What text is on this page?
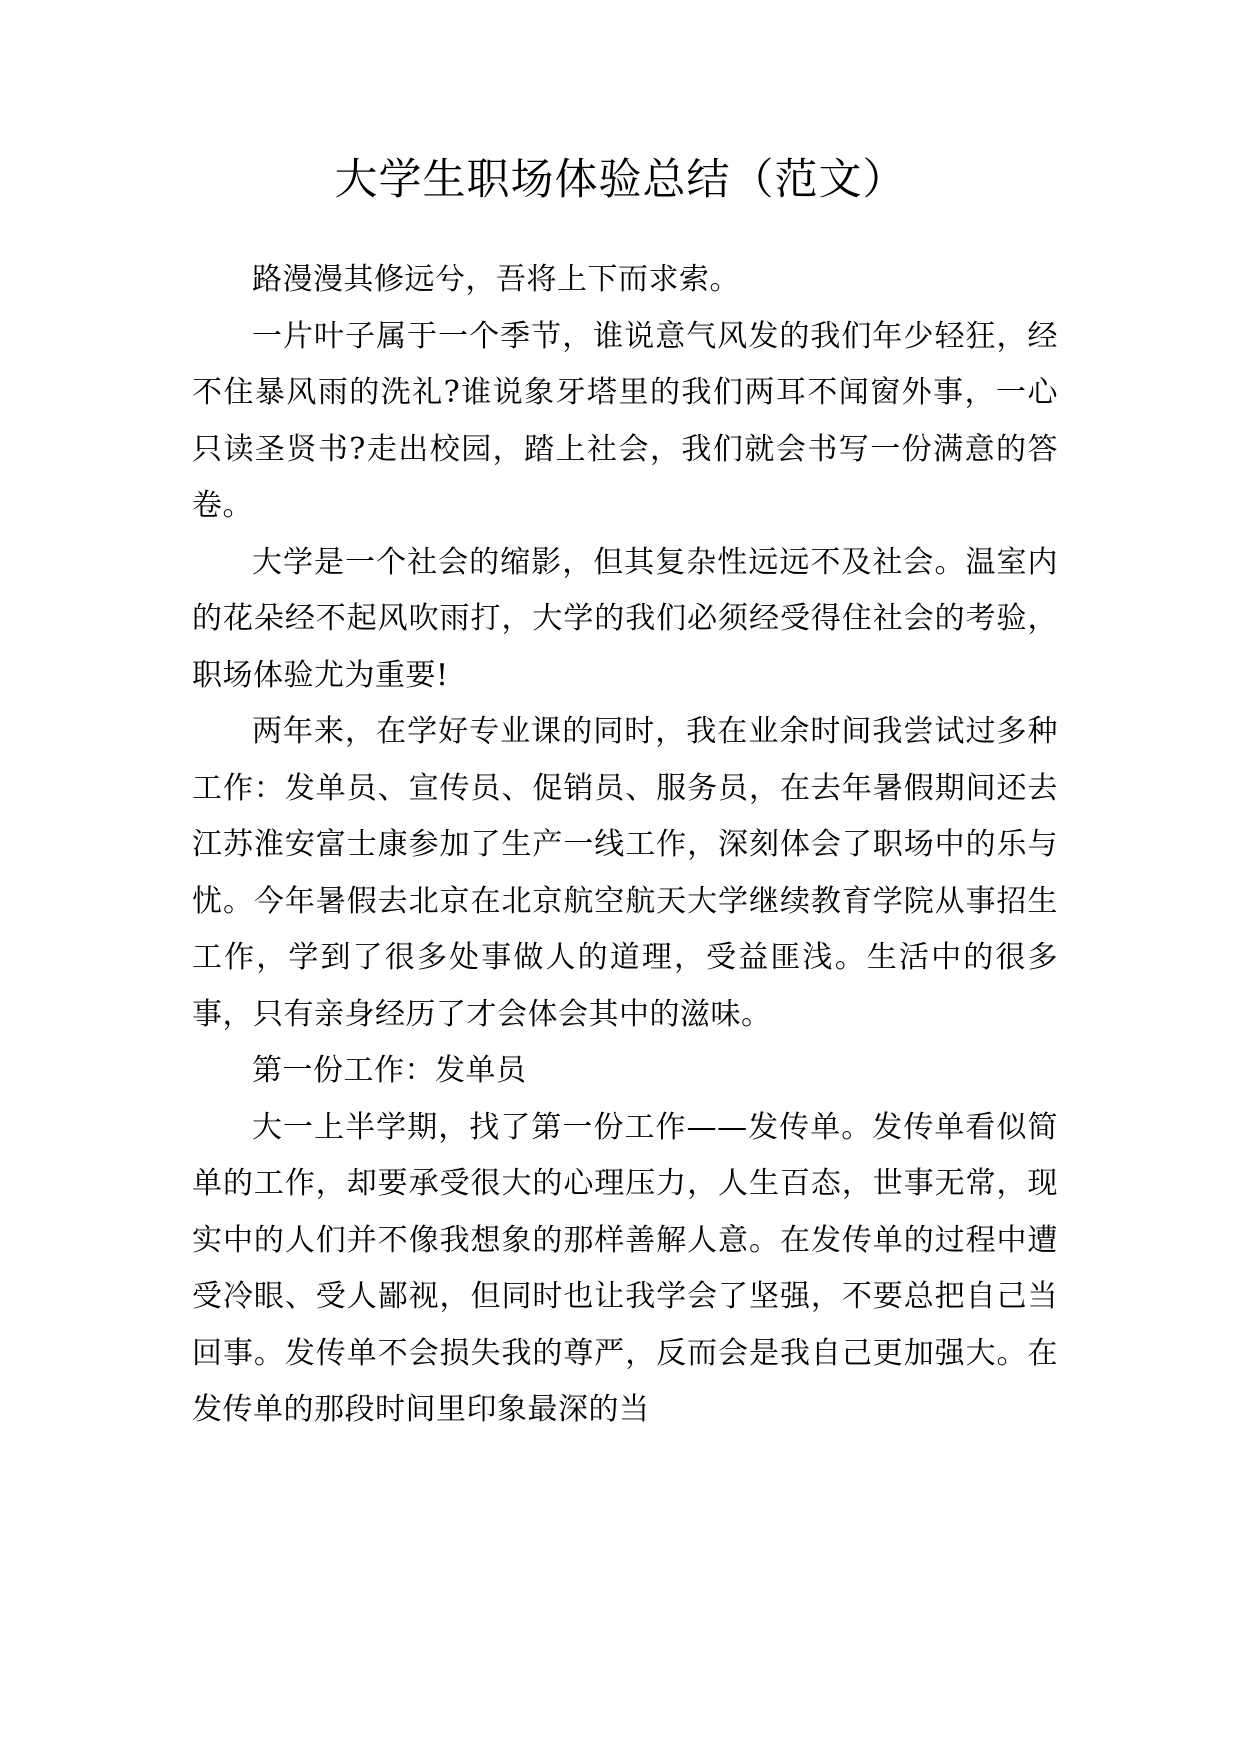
大学生职场体验总结（范文）

路漫漫其修远兮，吾将上下而求索。

一片叶子属于一个季节，谁说意气风发的我们年少轻狂，经不住暴风雨的洗礼?谁说象牙塔里的我们两耳不闻窗外事，一心只读圣贤书?走出校园，踏上社会，我们就会书写一份满意的答卷。

大学是一个社会的缩影，但其复杂性远远不及社会。温室内的花朵经不起风吹雨打，大学的我们必须经受得住社会的考验，职场体验尤为重要!

两年来，在学好专业课的同时，我在业余时间我尝试过多种工作：发单员、宣传员、促销员、服务员，在去年暑假期间还去江苏淮安富士康参加了生产一线工作，深刻体会了职场中的乐与忧。今年暑假去北京在北京航空航天大学继续教育学院从事招生工作，学到了很多处事做人的道理，受益匪浅。生活中的很多事，只有亲身经历了才会体会其中的滋味。

第一份工作：发单员

大一上半学期，找了第一份工作——发传单。发传单看似简单的工作，却要承受很大的心理压力，人生百态，世事无常，现实中的人们并不像我想象的那样善解人意。在发传单的过程中遭受冷眼、受人鄙视，但同时也让我学会了坚强，不要总把自己当回事。发传单不会损失我的尊严，反而会是我自己更加强大。在发传单的那段时间里印象最深的当
